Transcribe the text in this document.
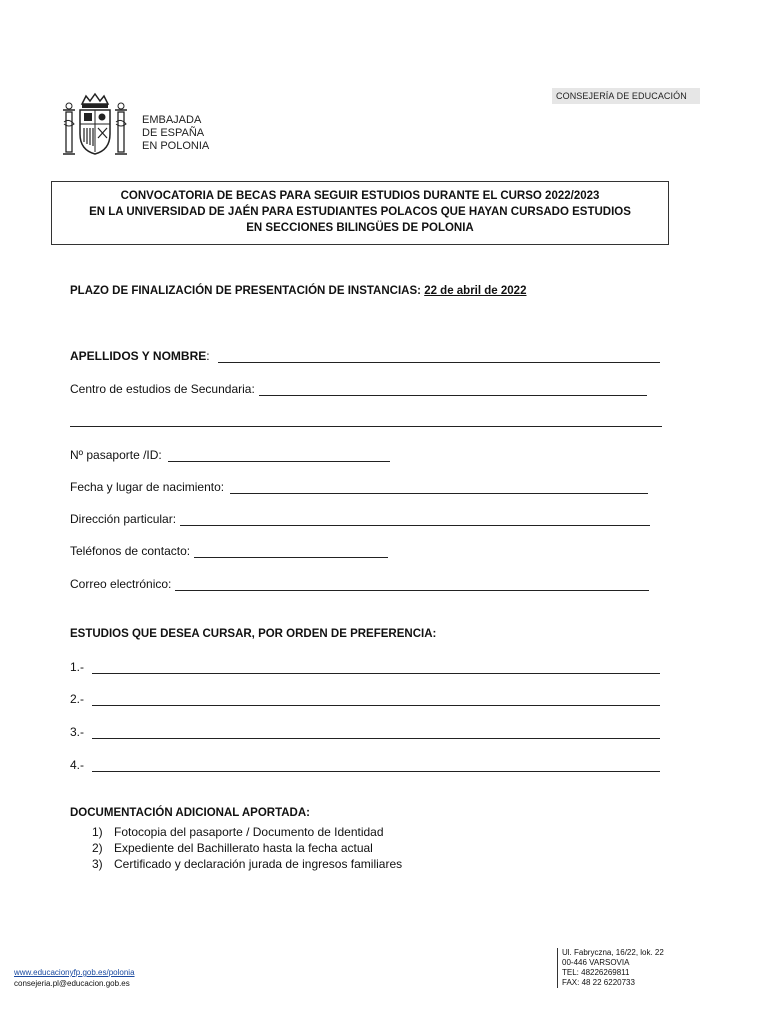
CONSEJERÍA DE EDUCACIÓN
EMBAJADA
DE ESPAÑA
EN POLONIA
CONVOCATORIA DE BECAS PARA SEGUIR ESTUDIOS DURANTE EL CURSO 2022/2023
EN LA UNIVERSIDAD DE JAÉN PARA ESTUDIANTES POLACOS QUE HAYAN CURSADO ESTUDIOS
EN SECCIONES BILINGÜES DE POLONIA
PLAZO DE FINALIZACIÓN DE PRESENTACIÓN DE INSTANCIAS: 22 de abril de 2022
APELLIDOS Y NOMBRE :
Centro de estudios de Secundaria:
Nº pasaporte /ID:
Fecha y lugar de nacimiento:
Dirección particular:
Teléfonos de contacto:
Correo electrónico:
ESTUDIOS QUE DESEA CURSAR, POR ORDEN DE PREFERENCIA:
1.-
2.-
3.-
4.-
DOCUMENTACIÓN ADICIONAL APORTADA:
1) Fotocopia del pasaporte / Documento de Identidad
2) Expediente del Bachillerato hasta la fecha actual
3) Certificado y declaración jurada de ingresos familiares
www.educacionyfp.gob.es/polonia
consejeria.pl@educacion.gob.es
Ul. Fabryczna, 16/22, lok. 22
00-446 VARSOVIA
TEL: 48226269811
FAX: 48 22 6220733
